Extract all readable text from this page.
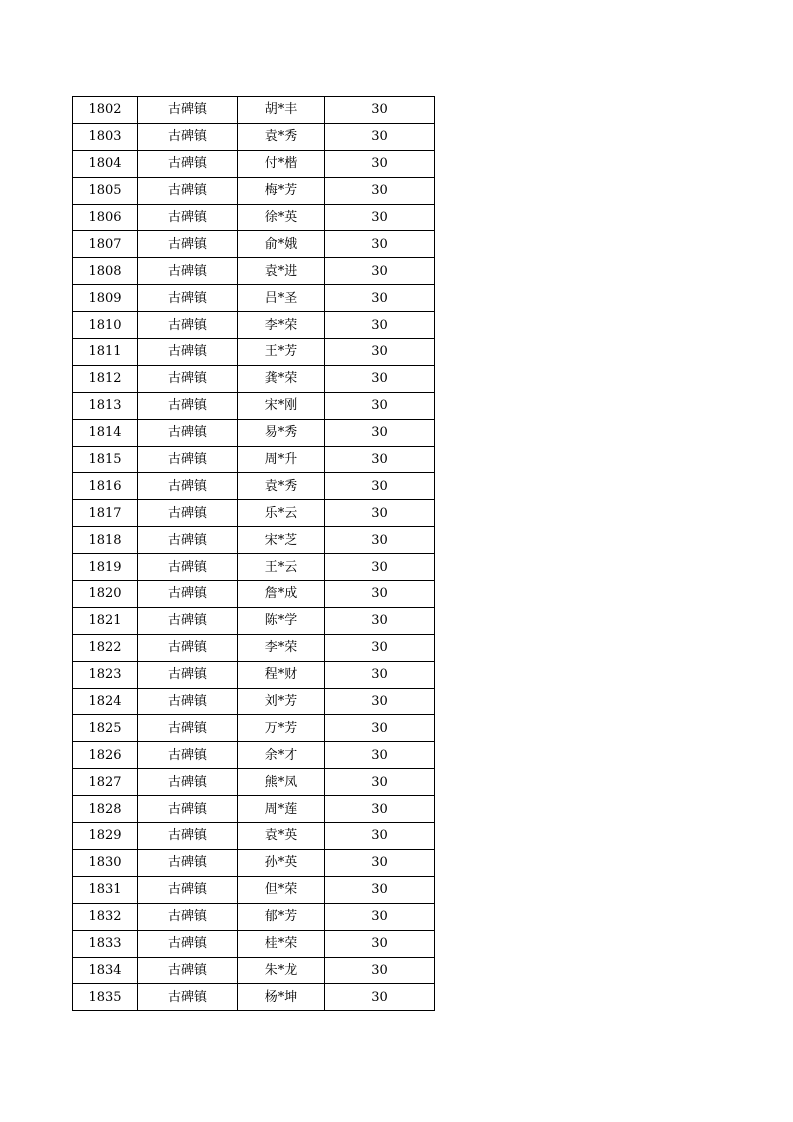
1802	古碑镇	胡*丰	30
1803	古碑镇	袁*秀	30
1804	古碑镇	付*楷	30
1805	古碑镇	梅*芳	30
1806	古碑镇	徐*英	30
1807	古碑镇	俞*娥	30
1808	古碑镇	袁*进	30
1809	古碑镇	吕*圣	30
1810	古碑镇	李*荣	30
1811	古碑镇	王*芳	30
1812	古碑镇	龚*荣	30
1813	古碑镇	宋*刚	30
1814	古碑镇	易*秀	30
1815	古碑镇	周*升	30
1816	古碑镇	袁*秀	30
1817	古碑镇	乐*云	30
1818	古碑镇	宋*芝	30
1819	古碑镇	王*云	30
1820	古碑镇	詹*成	30
1821	古碑镇	陈*学	30
1822	古碑镇	李*荣	30
1823	古碑镇	程*财	30
1824	古碑镇	刘*芳	30
1825	古碑镇	万*芳	30
1826	古碑镇	余*才	30
1827	古碑镇	熊*凤	30
1828	古碑镇	周*莲	30
1829	古碑镇	袁*英	30
1830	古碑镇	孙*英	30
1831	古碑镇	但*荣	30
1832	古碑镇	郁*芳	30
1833	古碑镇	桂*荣	30
1834	古碑镇	朱*龙	30
1835	古碑镇	杨*坤	30
